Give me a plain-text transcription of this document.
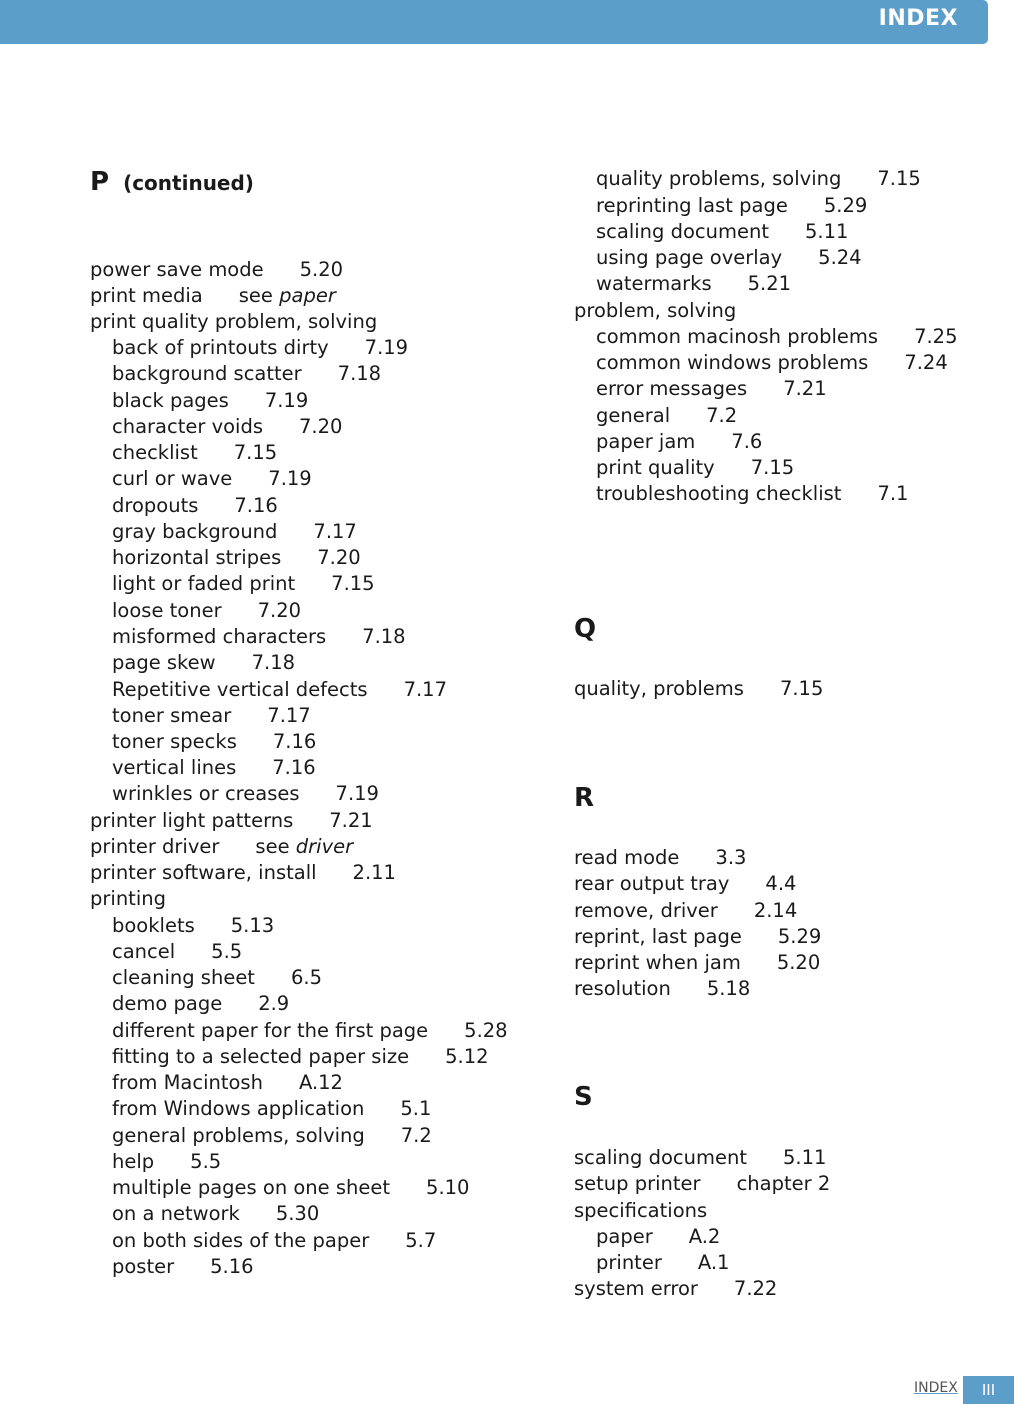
INDEX
P (continued)
power save mode 5.20
print media see paper
print quality problem, solving
back of printouts dirty 7.19
background scatter 7.18
black pages 7.19
character voids 7.20
checklist 7.15
curl or wave 7.19
dropouts 7.16
gray background 7.17
horizontal stripes 7.20
light or faded print 7.15
loose toner 7.20
misformed characters 7.18
page skew 7.18
Repetitive vertical defects 7.17
toner smear 7.17
toner specks 7.16
vertical lines 7.16
wrinkles or creases 7.19
printer light patterns 7.21
printer driver see driver
printer software, install 2.11
printing
booklets 5.13
cancel 5.5
cleaning sheet 6.5
demo page 2.9
different paper for the first page 5.28
fitting to a selected paper size 5.12
from Macintosh A.12
from Windows application 5.1
general problems, solving 7.2
help 5.5
multiple pages on one sheet 5.10
on a network 5.30
on both sides of the paper 5.7
poster 5.16
quality problems, solving 7.15
reprinting last page 5.29
scaling document 5.11
using page overlay 5.24
watermarks 5.21
problem, solving
common macinosh problems 7.25
common windows problems 7.24
error messages 7.21
general 7.2
paper jam 7.6
print quality 7.15
troubleshooting checklist 7.1
Q
quality, problems 7.15
R
read mode 3.3
rear output tray 4.4
remove, driver 2.14
reprint, last page 5.29
reprint when jam 5.20
resolution 5.18
S
scaling document 5.11
setup printer chapter 2
specifications
paper A.2
printer A.1
system error 7.22
INDEX	III
